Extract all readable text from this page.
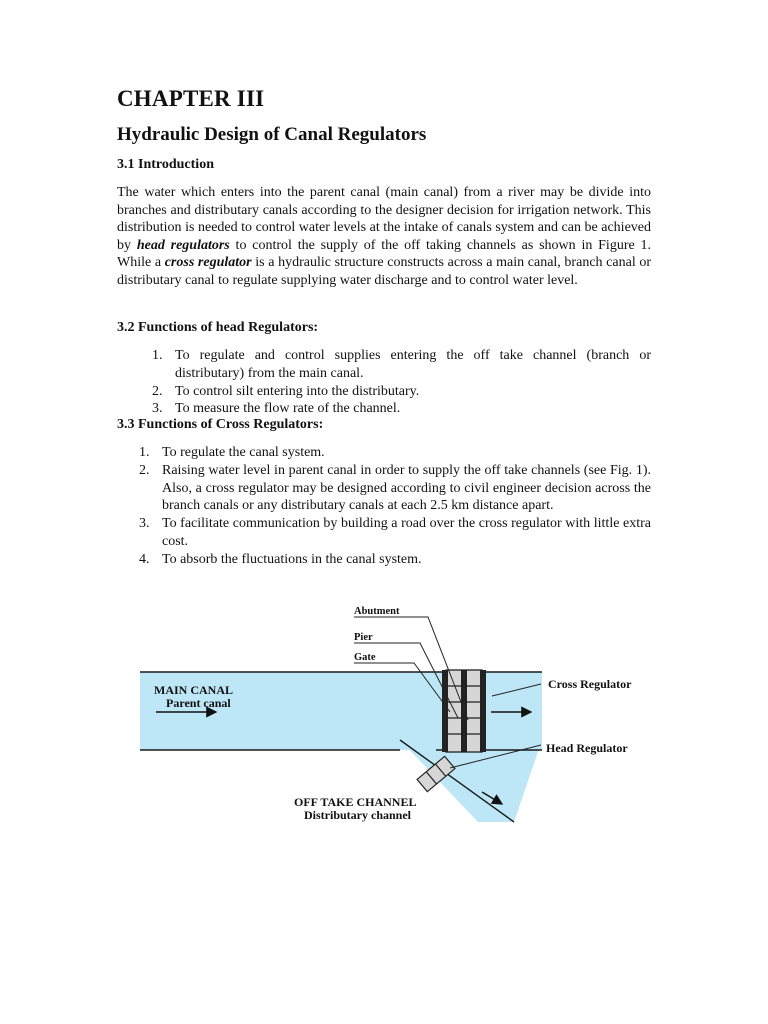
CHAPTER III
Hydraulic Design of Canal Regulators
3.1 Introduction

The water which enters into the parent canal (main canal) from a river may be divide into branches and distributary canals according to the designer decision for irrigation network. This distribution is needed to control water levels at the intake of canals system and can be achieved by head regulators to control the supply of the off taking channels as shown in Figure 1. While a cross regulator is a hydraulic structure constructs across a main canal, branch canal or distributary canal to regulate supplying water discharge and to control water level.

3.2 Functions of head Regulators:
1. To regulate and control supplies entering the off take channel (branch or distributary) from the main canal.
2. To control silt entering into the distributary.
3. To measure the flow rate of the channel.
3.3 Functions of Cross Regulators:
1. To regulate the canal system.
2. Raising water level in parent canal in order to supply the off take channels (see Fig. 1). Also, a cross regulator may be designed according to civil engineer decision across the branch canals or any distributary canals at each 2.5 km distance apart.
3. To facilitate communication by building a road over the cross regulator with little extra cost.
4. To absorb the fluctuations in the canal system.
Abutment
Pier
Gate
MAIN CANAL
Parent canal
Cross Regulator
Head Regulator
OFF TAKE CHANNEL
Distributary channel
